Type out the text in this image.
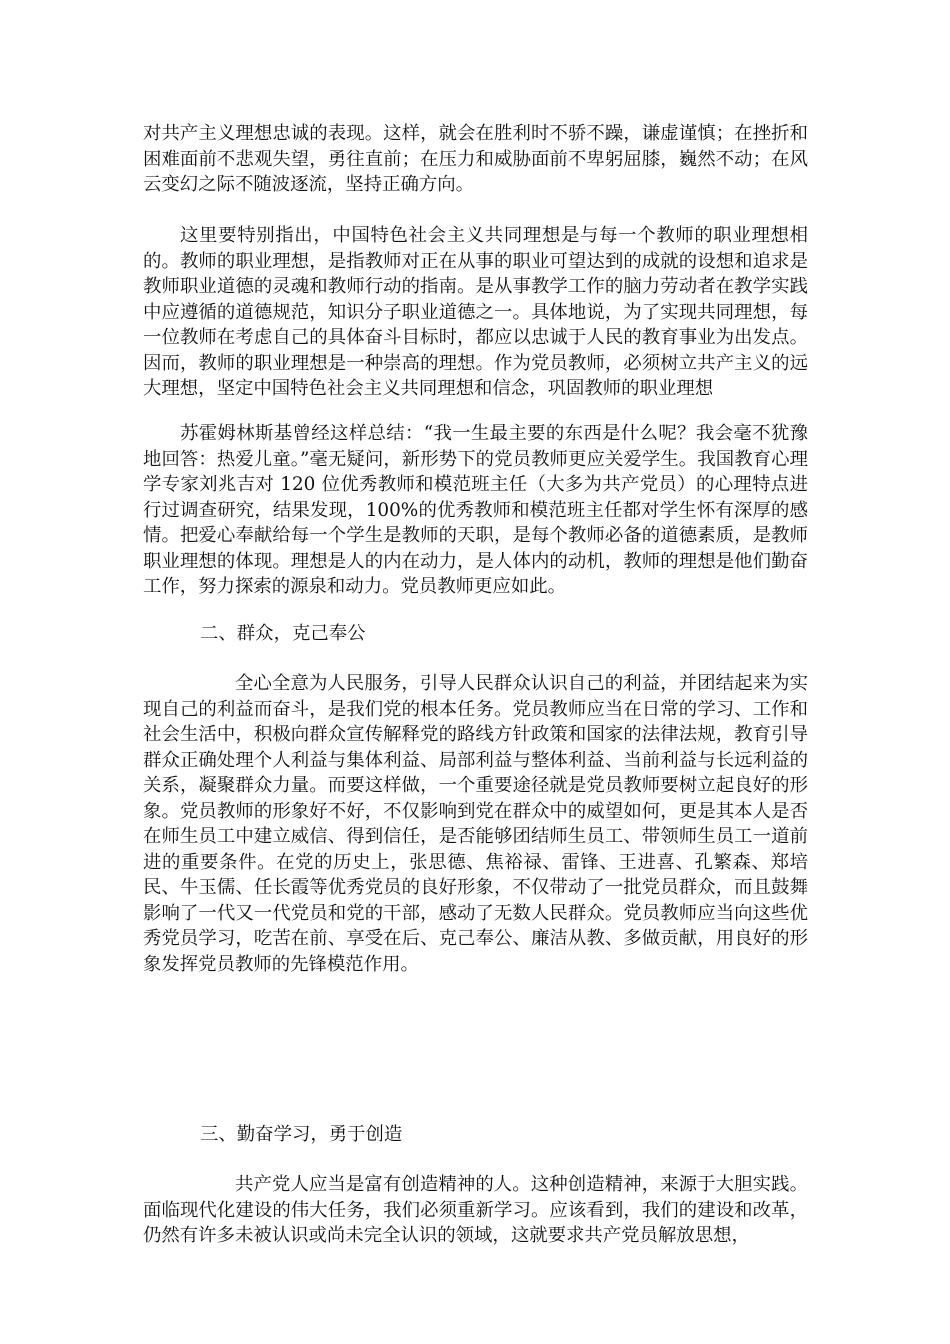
对共产主义理想忠诚的表现。这样，就会在胜利时不骄不躁，谦虚谨慎；在挫折和困难面前不悲观失望，勇往直前；在压力和威胁面前不卑躬屈膝，巍然不动；在风云变幻之际不随波逐流，坚持正确方向。

这里要特别指出，中国特色社会主义共同理想是与每一个教师的职业理想相的。教师的职业理想，是指教师对正在从事的职业可望达到的成就的设想和追求是教师职业道德的灵魂和教师行动的指南。是从事教学工作的脑力劳动者在教学实践中应遵循的道德规范，知识分子职业道德之一。具体地说，为了实现共同理想，每一位教师在考虑自己的具体奋斗目标时，都应以忠诚于人民的教育事业为出发点。因而，教师的职业理想是一种崇高的理想。作为党员教师，必须树立共产主义的远大理想，坚定中国特色社会主义共同理想和信念，巩固教师的职业理想

苏霍姆林斯基曾经这样总结：“我一生最主要的东西是什么呢？我会毫不犹豫地回答：热爱儿童。”毫无疑问，新形势下的党员教师更应关爱学生。我国教育心理学专家刘兆吉对 120 位优秀教师和模范班主任（大多为共产党员）的心理特点进行过调查研究，结果发现，100%的优秀教师和模范班主任都对学生怀有深厚的感情。把爱心奉献给每一个学生是教师的天职，是每个教师必备的道德素质，是教师职业理想的体现。理想是人的内在动力，是人体内的动机，教师的理想是他们勤奋工作，努力探索的源泉和动力。党员教师更应如此。

二、群众，克己奉公

全心全意为人民服务，引导人民群众认识自己的利益，并团结起来为实现自己的利益而奋斗，是我们党的根本任务。党员教师应当在日常的学习、工作和社会生活中，积极向群众宣传解释党的路线方针政策和国家的法律法规，教育引导群众正确处理个人利益与集体利益、局部利益与整体利益、当前利益与长远利益的关系，凝聚群众力量。而要这样做，一个重要途径就是党员教师要树立起良好的形象。党员教师的形象好不好，不仅影响到党在群众中的威望如何，更是其本人是否在师生员工中建立威信、得到信任，是否能够团结师生员工、带领师生员工一道前进的重要条件。在党的历史上，张思德、焦裕禄、雷锋、王进喜、孔繁森、郑培民、牛玉儒、任长霞等优秀党员的良好形象，不仅带动了一批党员群众，而且鼓舞影响了一代又一代党员和党的干部，感动了无数人民群众。党员教师应当向这些优秀党员学习，吃苦在前、享受在后、克己奉公、廉洁从教、多做贡献，用良好的形象发挥党员教师的先锋模范作用。

三、勤奋学习，勇于创造

共产党人应当是富有创造精神的人。这种创造精神，来源于大胆实践。面临现代化建设的伟大任务，我们必须重新学习。应该看到，我们的建设和改革，仍然有许多未被认识或尚未完全认识的领域，这就要求共产党员解放思想，
